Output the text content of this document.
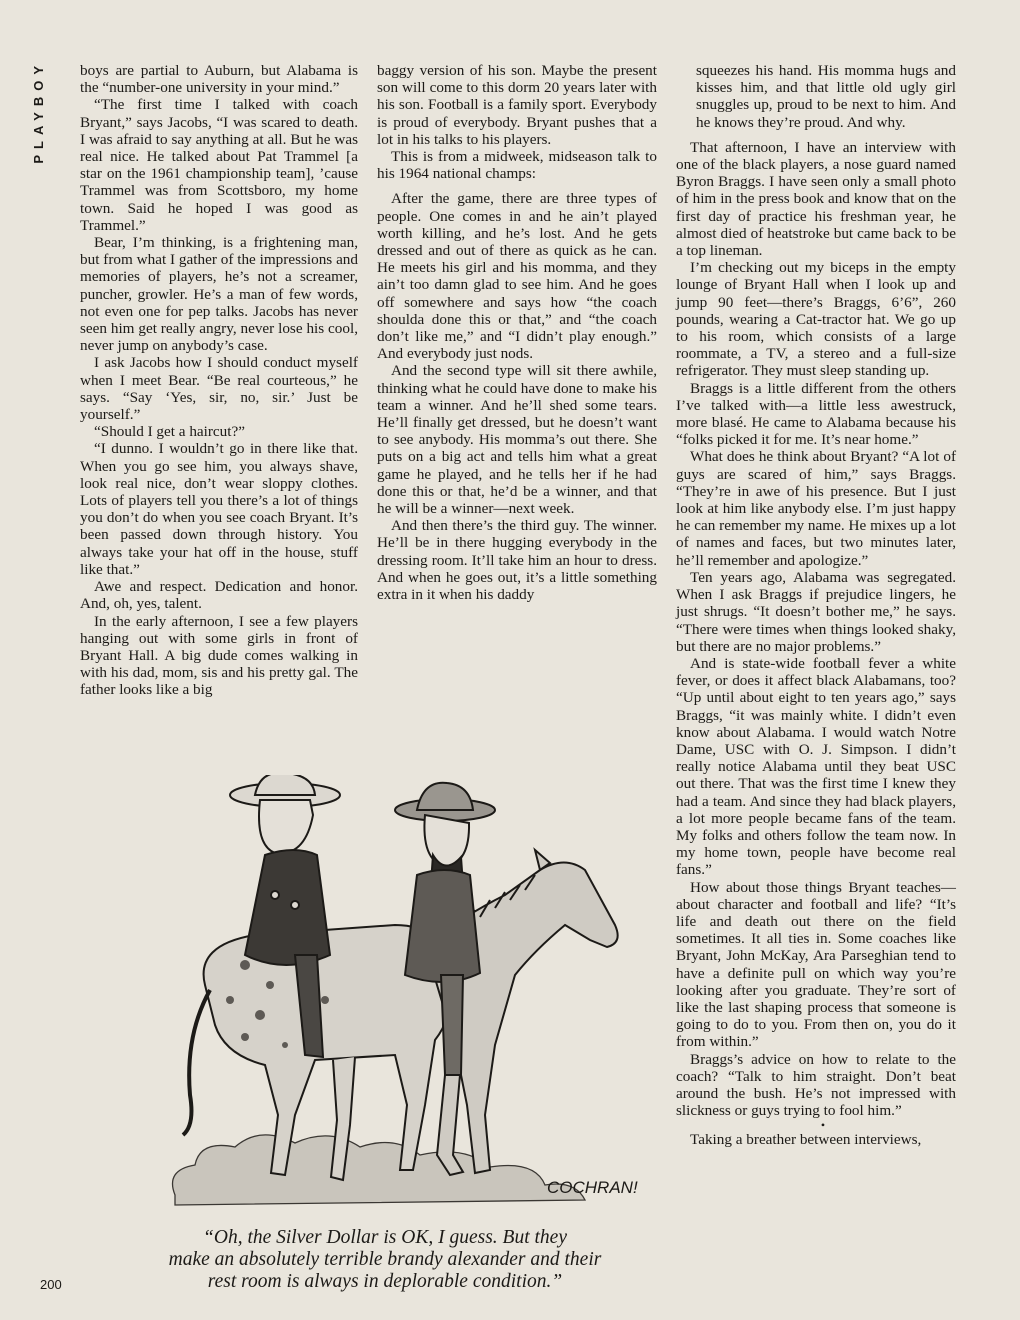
PLAYBOY boys are partial to Auburn, but Alabama is the “number-one university in your mind.”

“The first time I talked with coach Bryant,” says Jacobs, “I was scared to death. I was afraid to say anything at all. But he was real nice. He talked about Pat Trammel [a star on the 1961 championship team], ’cause Trammel was from Scottsboro, my home town. Said he hoped I was good as Trammel.”

Bear, I’m thinking, is a frightening man, but from what I gather of the impressions and memories of players, he’s not a screamer, puncher, growler. He’s a man of few words, not even one for pep talks. Jacobs has never seen him get really angry, never lose his cool, never jump on anybody’s case.

I ask Jacobs how I should conduct myself when I meet Bear. “Be real courteous,” he says. “Say ‘Yes, sir, no, sir.’ Just be yourself.”

“Should I get a haircut?”

“I dunno. I wouldn’t go in there like that. When you go see him, you always shave, look real nice, don’t wear sloppy clothes. Lots of players tell you there’s a lot of things you don’t do when you see coach Bryant. It’s been passed down through history. You always take your hat off in the house, stuff like that.”

Awe and respect. Dedication and honor. And, oh, yes, talent.

In the early afternoon, I see a few players hanging out with some girls in front of Bryant Hall. A big dude comes walking in with his dad, mom, sis and his pretty gal. The father looks like a big

baggy version of his son. Maybe the present son will come to this dorm 20 years later with his son. Football is a family sport. Everybody is proud of everybody. Bryant pushes that a lot in his talks to his players.

This is from a midweek, midseason talk to his 1964 national champs:

After the game, there are three types of people. One comes in and he ain’t played worth killing, and he’s lost. And he gets dressed and out of there as quick as he can. He meets his girl and his momma, and they ain’t too damn glad to see him. And he goes off somewhere and says how “the coach shoulda done this or that,” and “the coach don’t like me,” and “I didn’t play enough.” And everybody just nods.

And the second type will sit there awhile, thinking what he could have done to make his team a winner. And he’ll shed some tears. He’ll finally get dressed, but he doesn’t want to see anybody. His momma’s out there. She puts on a big act and tells him what a great game he played, and he tells her if he had done this or that, he’d be a winner, and that he will be a winner—next week.

And then there’s the third guy. The winner. He’ll be in there hugging everybody in the dressing room. It’ll take him an hour to dress. And when he goes out, it’s a little something extra in it when his daddy

squeezes his hand. His momma hugs and kisses him, and that little old ugly girl snuggles up, proud to be next to him. And he knows they’re proud. And why.

That afternoon, I have an interview with one of the black players, a nose guard named Byron Braggs. I have seen only a small photo of him in the press book and know that on the first day of practice his freshman year, he almost died of heatstroke but came back to be a top lineman.

I’m checking out my biceps in the empty lounge of Bryant Hall when I look up and jump 90 feet—there’s Braggs, 6’6”, 260 pounds, wearing a Cat-tractor hat. We go up to his room, which consists of a large roommate, a TV, a stereo and a full-size refrigerator. They must sleep standing up.

Braggs is a little different from the others I’ve talked with—a little less awestruck, more blasé. He came to Alabama because his “folks picked it for me. It’s near home.”

What does he think about Bryant? “A lot of guys are scared of him,” says Braggs. “They’re in awe of his presence. But I just look at him like anybody else. I’m just happy he can remember my name. He mixes up a lot of names and faces, but two minutes later, he’ll remember and apologize.”

Ten years ago, Alabama was segregated. When I ask Braggs if prejudice lingers, he just shrugs. “It doesn’t bother me,” he says. “There were times when things looked shaky, but there are no major problems.”

And is state-wide football fever a white fever, or does it affect black Alabamans, too? “Up until about eight to ten years ago,” says Braggs, “it was mainly white. I didn’t even know about Alabama. I would watch Notre Dame, USC with O. J. Simpson. I didn’t really notice Alabama until they beat USC out there. That was the first time I knew they had a team. And since they had black players, a lot more people became fans of the team. My folks and others follow the team now. In my home town, people have become real fans.”

How about those things Bryant teaches—about character and football and life? “It’s life and death out there on the field sometimes. It all ties in. Some coaches like Bryant, John McKay, Ara Parseghian tend to have a definite pull on which way you’re looking after you graduate. They’re sort of like the last shaping process that someone is going to do to you. From then on, you do it from within.”

Braggs’s advice on how to relate to the coach? “Talk to him straight. Don’t beat around the bush. He’s not impressed with slickness or guys trying to fool him.”

•

Taking a breather between interviews,

COCHRAN!
“Oh, the Silver Dollar is OK, I guess. But they
make an absolutely terrible brandy alexander and their
rest room is always in deplorable condition.”
200
